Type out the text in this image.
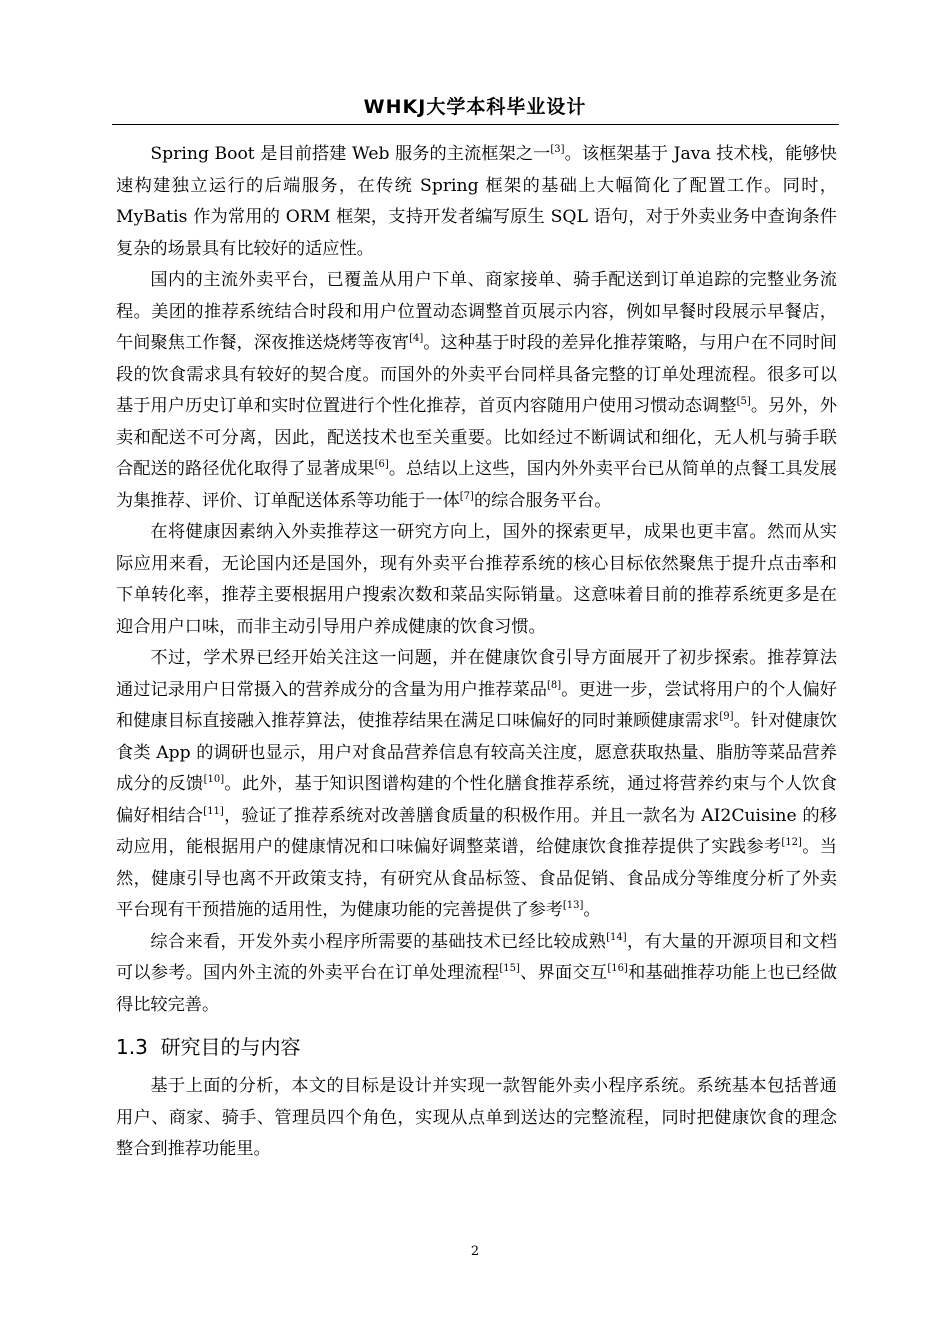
WHKJ大学本科毕业设计

Spring Boot 是目前搭建 Web 服务的主流框架之一[3]。该框架基于 Java 技术栈，能够快速构建独立运行的后端服务，在传统 Spring 框架的基础上大幅简化了配置工作。同时，MyBatis 作为常用的 ORM 框架，支持开发者编写原生 SQL 语句，对于外卖业务中查询条件复杂的场景具有比较好的适应性。

国内的主流外卖平台，已覆盖从用户下单、商家接单、骑手配送到订单追踪的完整业务流程。美团的推荐系统结合时段和用户位置动态调整首页展示内容，例如早餐时段展示早餐店，午间聚焦工作餐，深夜推送烧烤等夜宵[4]。这种基于时段的差异化推荐策略，与用户在不同时间段的饮食需求具有较好的契合度。而国外的外卖平台同样具备完整的订单处理流程。很多可以基于用户历史订单和实时位置进行个性化推荐，首页内容随用户使用习惯动态调整[5]。另外，外卖和配送不可分离，因此，配送技术也至关重要。比如经过不断调试和细化，无人机与骑手联合配送的路径优化取得了显著成果[6]。总结以上这些，国内外外卖平台已从简单的点餐工具发展为集推荐、评价、订单配送体系等功能于一体[7]的综合服务平台。

在将健康因素纳入外卖推荐这一研究方向上，国外的探索更早，成果也更丰富。然而从实际应用来看，无论国内还是国外，现有外卖平台推荐系统的核心目标依然聚焦于提升点击率和下单转化率，推荐主要根据用户搜索次数和菜品实际销量。这意味着目前的推荐系统更多是在迎合用户口味，而非主动引导用户养成健康的饮食习惯。

不过，学术界已经开始关注这一问题，并在健康饮食引导方面展开了初步探索。推荐算法通过记录用户日常摄入的营养成分的含量为用户推荐菜品[8]。更进一步，尝试将用户的个人偏好和健康目标直接融入推荐算法，使推荐结果在满足口味偏好的同时兼顾健康需求[9]。针对健康饮食类 App 的调研也显示，用户对食品营养信息有较高关注度，愿意获取热量、脂肪等菜品营养成分的反馈[10]。此外，基于知识图谱构建的个性化膳食推荐系统，通过将营养约束与个人饮食偏好相结合[11]，验证了推荐系统对改善膳食质量的积极作用。并且一款名为 AI2Cuisine 的移动应用，能根据用户的健康情况和口味偏好调整菜谱，给健康饮食推荐提供了实践参考[12]。当然，健康引导也离不开政策支持，有研究从食品标签、食品促销、食品成分等维度分析了外卖平台现有干预措施的适用性，为健康功能的完善提供了参考[13]。

综合来看，开发外卖小程序所需要的基础技术已经比较成熟[14]，有大量的开源项目和文档可以参考。国内外主流的外卖平台在订单处理流程[15]、界面交互[16]和基础推荐功能上也已经做得比较完善。

1.3 研究目的与内容

基于上面的分析，本文的目标是设计并实现一款智能外卖小程序系统。系统基本包括普通用户、商家、骑手、管理员四个角色，实现从点单到送达的完整流程，同时把健康饮食的理念整合到推荐功能里。

2
